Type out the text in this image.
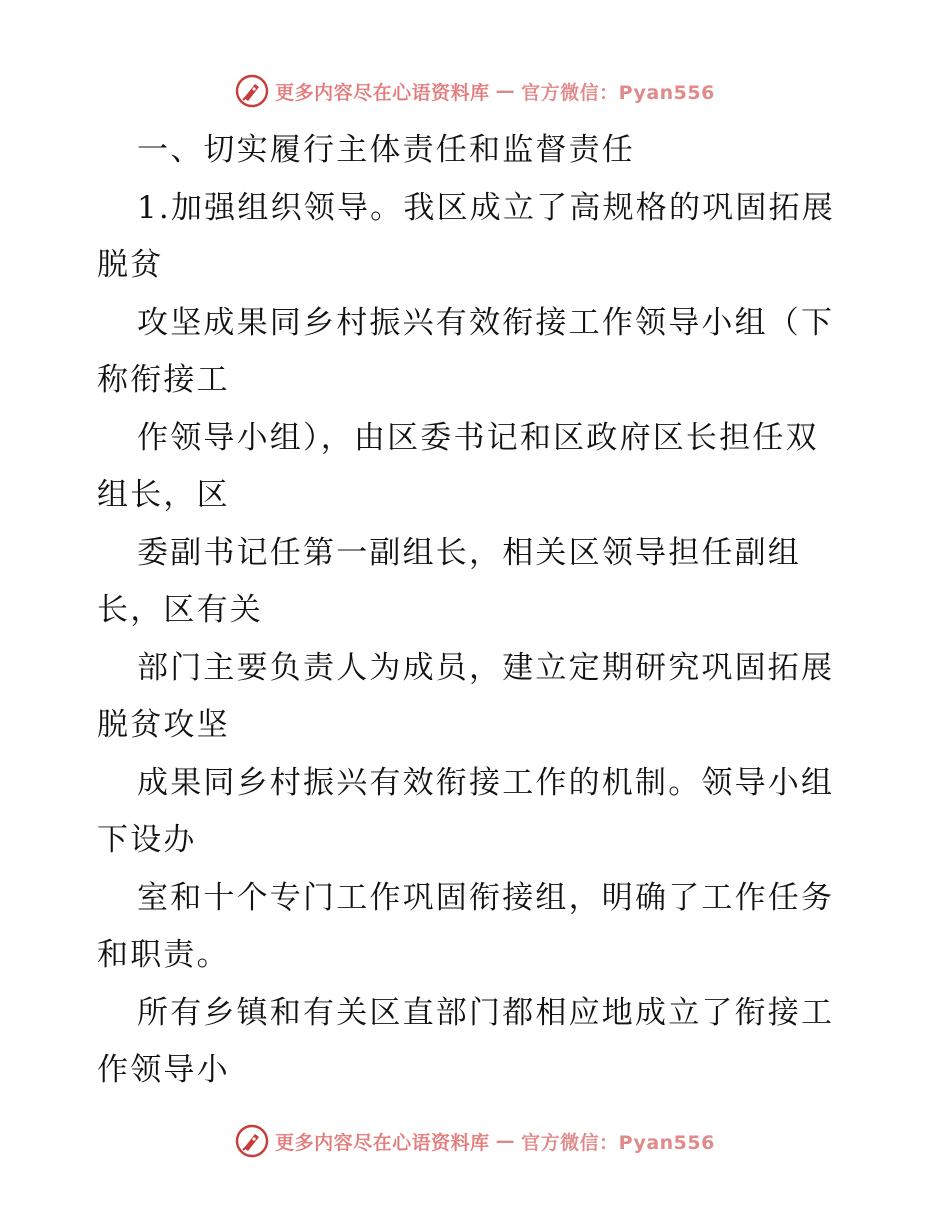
更多内容尽在心语资料库 — 官方微信：Pyan556
一、切实履行主体责任和监督责任
1.加强组织领导。我区成立了高规格的巩固拓展
脱贫
攻坚成果同乡村振兴有效衔接工作领导小组（下
称衔接工
作领导小组），由区委书记和区政府区长担任双
组长，区
委副书记任第一副组长，相关区领导担任副组
长，区有关
部门主要负责人为成员，建立定期研究巩固拓展
脱贫攻坚
成果同乡村振兴有效衔接工作的机制。领导小组
下设办
室和十个专门工作巩固衔接组，明确了工作任务
和职责。
所有乡镇和有关区直部门都相应地成立了衔接工
作领导小
更多内容尽在心语资料库 — 官方微信：Pyan556
